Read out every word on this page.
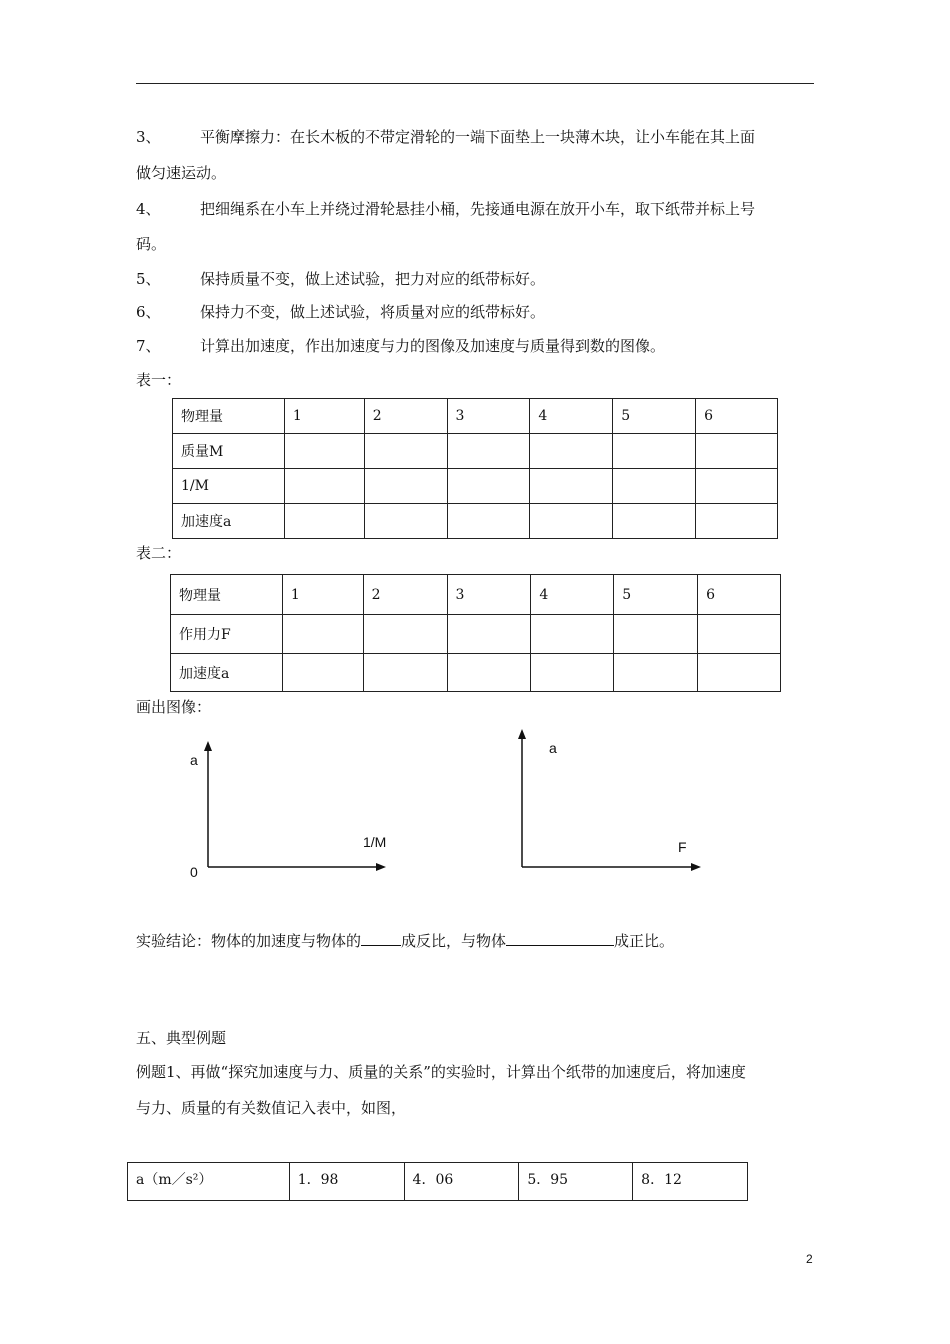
3、	平衡摩擦力：在长木板的不带定滑轮的一端下面垫上一块薄木块，让小车能在其上面
做匀速运动。
4、	把细绳系在小车上并绕过滑轮悬挂小桶，先接通电源在放开小车，取下纸带并标上号
码。
5、	保持质量不变，做上述试验，把力对应的纸带标好。
6、	保持力不变，做上述试验，将质量对应的纸带标好。
7、	计算出加速度，作出加速度与力的图像及加速度与质量得到数的图像。
表一：
物理量	1	2	3	4	5	6
质量M						
1/M						
加速度a						
表二：
物理量	1	2	3	4	5	6
作用力F						
加速度a						
画出图像：
a
1/M
0
a
F
实验结论：物体的加速度与物体的	成反比，与物体	成正比。
五、典型例题
例题1、再做“探究加速度与力、质量的关系”的实验时，计算出个纸带的加速度后，将加速度
与力、质量的有关数值记入表中，如图，
a（m／s²）	1．98	4．06	5．95	8．12
2
